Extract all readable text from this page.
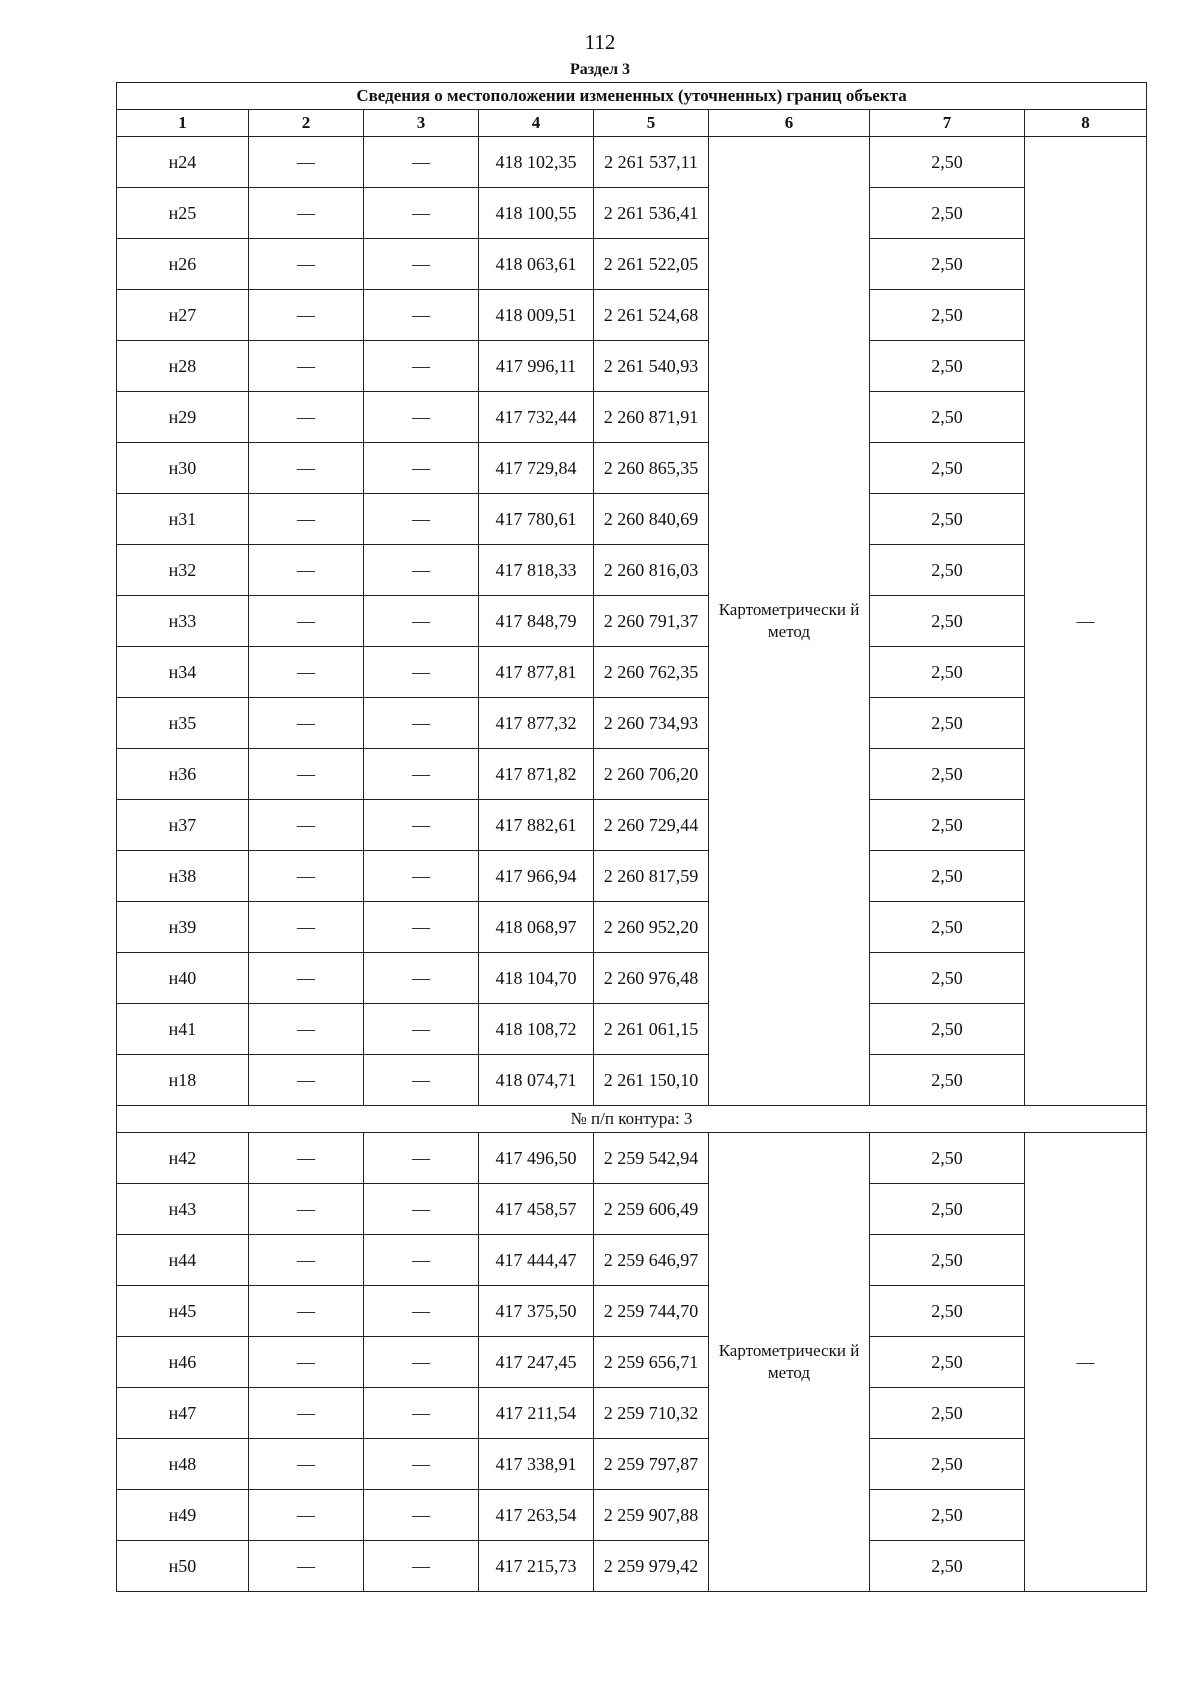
112
Раздел 3
Сведения о местоположении измененных (уточненных) границ объекта							
1	2	3	4	5	6	7	8
н24	—	—	418 102,35	2 261 537,11	Картометрически й метод	2,50	—
н25	—	—	418 100,55	2 261 536,41		2,50	
н26	—	—	418 063,61	2 261 522,05		2,50	
н27	—	—	418 009,51	2 261 524,68		2,50	
н28	—	—	417 996,11	2 261 540,93		2,50	
н29	—	—	417 732,44	2 260 871,91		2,50	
н30	—	—	417 729,84	2 260 865,35		2,50	
н31	—	—	417 780,61	2 260 840,69		2,50	
н32	—	—	417 818,33	2 260 816,03		2,50	
н33	—	—	417 848,79	2 260 791,37		2,50	
н34	—	—	417 877,81	2 260 762,35		2,50	
н35	—	—	417 877,32	2 260 734,93		2,50	
н36	—	—	417 871,82	2 260 706,20		2,50	
н37	—	—	417 882,61	2 260 729,44		2,50	
н38	—	—	417 966,94	2 260 817,59		2,50	
н39	—	—	418 068,97	2 260 952,20		2,50	
н40	—	—	418 104,70	2 260 976,48		2,50	
н41	—	—	418 108,72	2 261 061,15		2,50	
н18	—	—	418 074,71	2 261 150,10		2,50	
№ п/п контура: 3							
н42	—	—	417 496,50	2 259 542,94	Картометрически й метод	2,50	—
н43	—	—	417 458,57	2 259 606,49		2,50	
н44	—	—	417 444,47	2 259 646,97		2,50	
н45	—	—	417 375,50	2 259 744,70		2,50	
н46	—	—	417 247,45	2 259 656,71		2,50	
н47	—	—	417 211,54	2 259 710,32		2,50	
н48	—	—	417 338,91	2 259 797,87		2,50	
н49	—	—	417 263,54	2 259 907,88		2,50	
н50	—	—	417 215,73	2 259 979,42		2,50	
